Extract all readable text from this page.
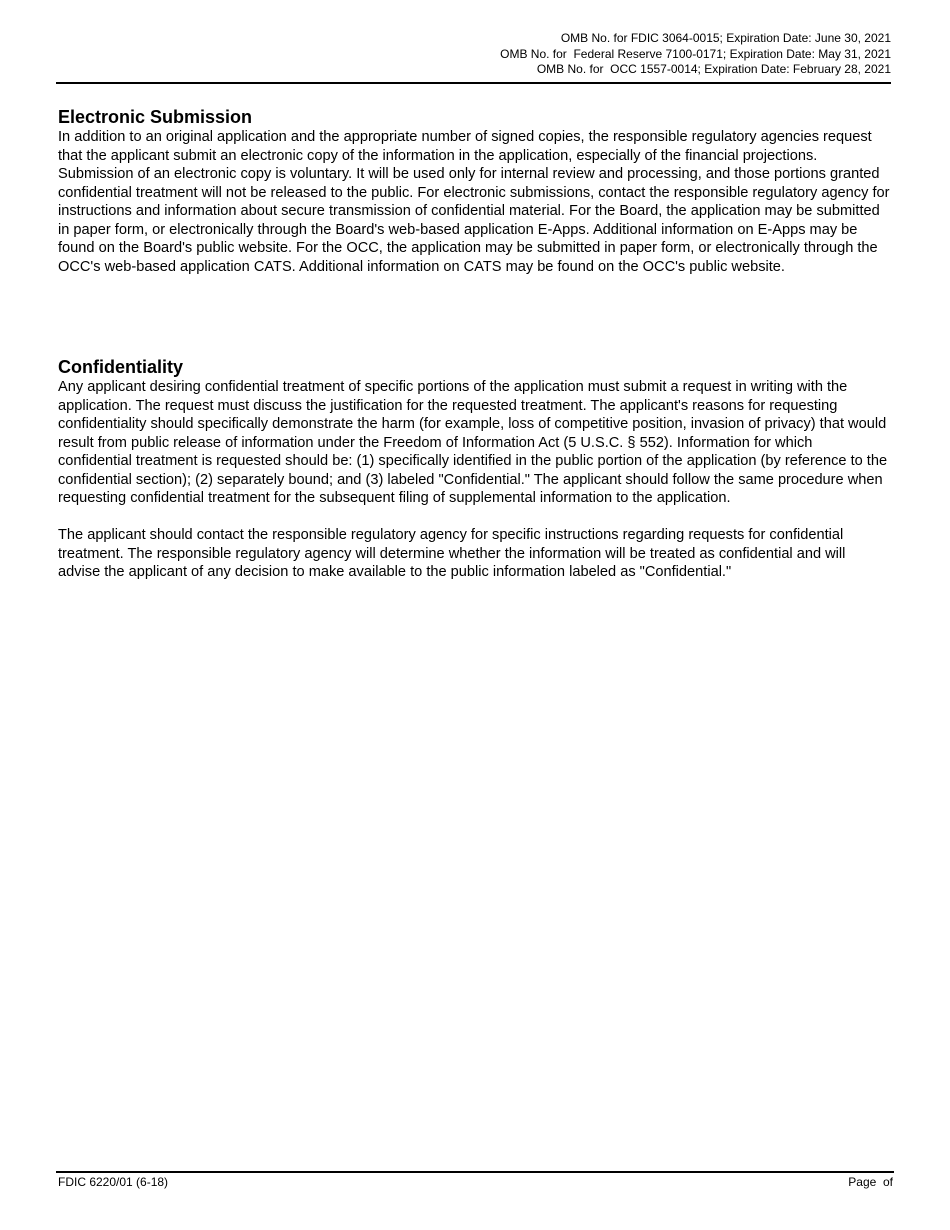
OMB No. for FDIC 3064-0015; Expiration Date: June 30, 2021
OMB No. for  Federal Reserve 7100-0171; Expiration Date: May 31, 2021
OMB No. for  OCC 1557-0014; Expiration Date: February 28, 2021
Electronic Submission

In addition to an original application and the appropriate number of signed copies, the responsible regulatory agencies request that the applicant submit an electronic copy of the information in the application, especially of the financial projections. Submission of an electronic copy is voluntary. It will be used only for internal review and processing, and those portions granted confidential treatment will not be released to the public. For electronic submissions, contact the responsible regulatory agency for instructions and information about secure transmission of confidential material. For the Board, the application may be submitted in paper form, or electronically through the Board's web-based application E-Apps. Additional information on E-Apps may be found on the Board's public website. For the OCC, the application may be submitted in paper form, or electronically through the OCC's web-based application CATS. Additional information on CATS may be found on the OCC's public website.

Confidentiality

Any applicant desiring confidential treatment of specific portions of the application must submit a request in writing with the application. The request must discuss the justification for the requested treatment. The applicant's reasons for requesting confidentiality should specifically demonstrate the harm (for example, loss of competitive position, invasion of privacy) that would result from public release of information under the Freedom of Information Act (5 U.S.C. § 552). Information for which confidential treatment is requested should be: (1) specifically identified in the public portion of the application (by reference to the confidential section); (2) separately bound; and (3) labeled "Confidential." The applicant should follow the same procedure when requesting confidential treatment for the subsequent filing of supplemental information to the application.

The applicant should contact the responsible regulatory agency for specific instructions regarding requests for confidential treatment. The responsible regulatory agency will determine whether the information will be treated as confidential and will advise the applicant of any decision to make available to the public information labeled as "Confidential."

FDIC 6220/01 (6-18)	Page  of
